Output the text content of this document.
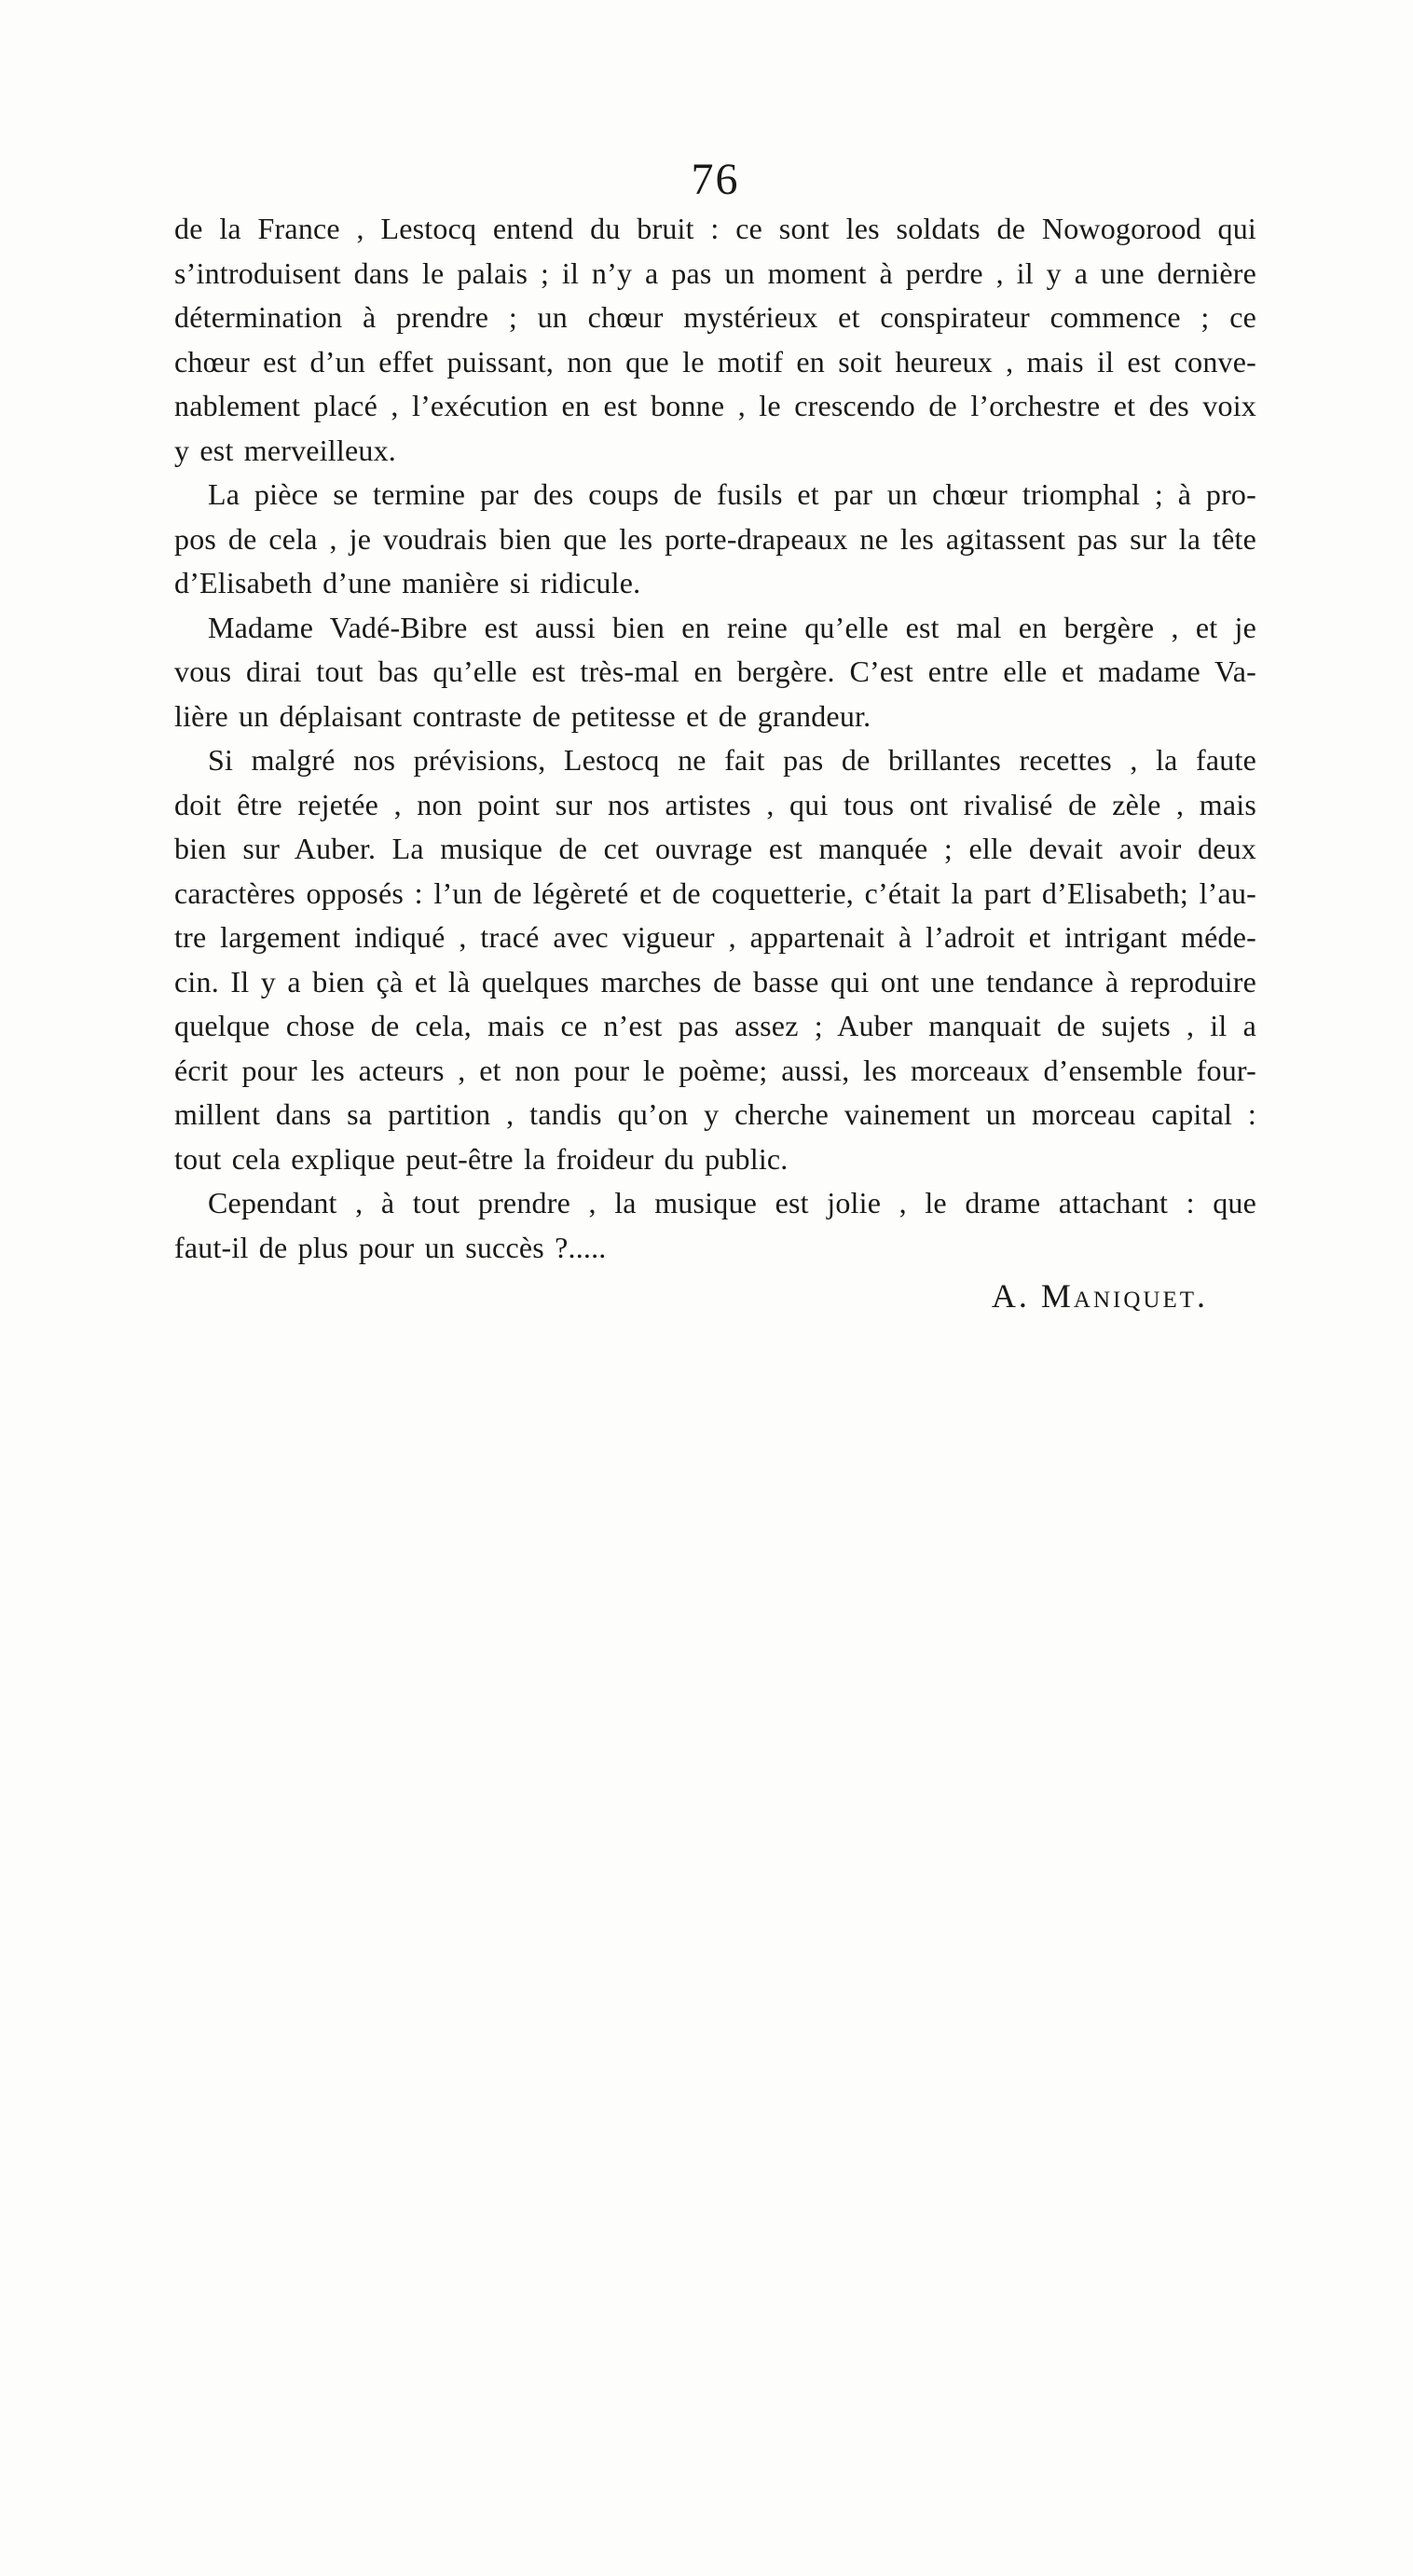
76
de la France , Lestocq entend du bruit : ce sont les soldats de Nowogorood qui
s’introduisent dans le palais ; il n’y a pas un moment à perdre , il y a une dernière
détermination à prendre ; un chœur mystérieux et conspirateur commence ; ce
chœur est d’un effet puissant, non que le motif en soit heureux , mais il est conve-
nablement placé , l’exécution en est bonne , le crescendo de l’orchestre et des voix
y est merveilleux.
La pièce se termine par des coups de fusils et par un chœur triomphal ; à pro-
pos de cela , je voudrais bien que les porte-drapeaux ne les agitassent pas sur la tête
d’Elisabeth d’une manière si ridicule.
Madame Vadé-Bibre est aussi bien en reine qu’elle est mal en bergère , et je
vous dirai tout bas qu’elle est très-mal en bergère. C’est entre elle et madame Va-
lière un déplaisant contraste de petitesse et de grandeur.
Si malgré nos prévisions, Lestocq ne fait pas de brillantes recettes , la faute
doit être rejetée , non point sur nos artistes , qui tous ont rivalisé de zèle , mais
bien sur Auber. La musique de cet ouvrage est manquée ; elle devait avoir deux
caractères opposés : l’un de légèreté et de coquetterie, c’était la part d’Elisabeth; l’au-
tre largement indiqué , tracé avec vigueur , appartenait à l’adroit et intrigant méde-
cin. Il y a bien çà et là quelques marches de basse qui ont une tendance à reproduire
quelque chose de cela, mais ce n’est pas assez ; Auber manquait de sujets , il a
écrit pour les acteurs , et non pour le poème; aussi, les morceaux d’ensemble four-
millent dans sa partition , tandis qu’on y cherche vainement un morceau capital :
tout cela explique peut-être la froideur du public.
Cependant , à tout prendre , la musique est jolie , le drame attachant : que
faut-il de plus pour un succès ?.....
A. Maniquet.
